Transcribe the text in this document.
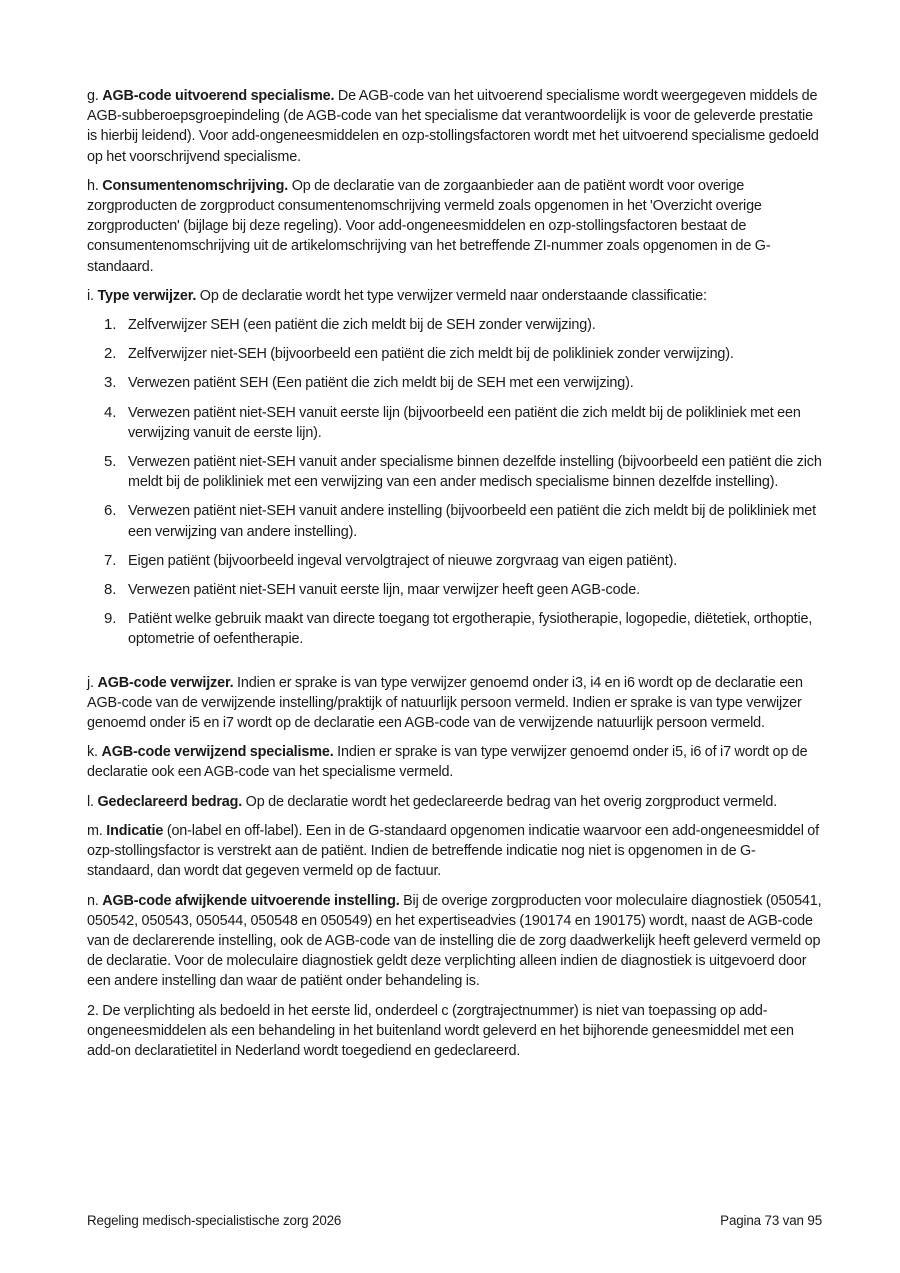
g. AGB-code uitvoerend specialisme. De AGB-code van het uitvoerend specialisme wordt weergegeven middels de AGB-subberoepsgroepindeling (de AGB-code van het specialisme dat verantwoordelijk is voor de geleverde prestatie is hierbij leidend). Voor add-ongeneesmiddelen en ozp-stollingsfactoren wordt met het uitvoerend specialisme gedoeld op het voorschrijvend specialisme.

h. Consumentenomschrijving. Op de declaratie van de zorgaanbieder aan de patiënt wordt voor overige zorgproducten de zorgproduct consumentenomschrijving vermeld zoals opgenomen in het 'Overzicht overige zorgproducten' (bijlage bij deze regeling). Voor add-ongeneesmiddelen en ozp-stollingsfactoren bestaat de consumentenomschrijving uit de artikelomschrijving van het betreffende ZI-nummer zoals opgenomen in de G-standaard.

i. Type verwijzer. Op de declaratie wordt het type verwijzer vermeld naar onderstaande classificatie:

1. Zelfverwijzer SEH (een patiënt die zich meldt bij de SEH zonder verwijzing).
2. Zelfverwijzer niet-SEH (bijvoorbeeld een patiënt die zich meldt bij de polikliniek zonder verwijzing).
3. Verwezen patiënt SEH (Een patiënt die zich meldt bij de SEH met een verwijzing).
4. Verwezen patiënt niet-SEH vanuit eerste lijn (bijvoorbeeld een patiënt die zich meldt bij de polikliniek met een verwijzing vanuit de eerste lijn).
5. Verwezen patiënt niet-SEH vanuit ander specialisme binnen dezelfde instelling (bijvoorbeeld een patiënt die zich meldt bij de polikliniek met een verwijzing van een ander medisch specialisme binnen dezelfde instelling).
6. Verwezen patiënt niet-SEH vanuit andere instelling (bijvoorbeeld een patiënt die zich meldt bij de polikliniek met een verwijzing van andere instelling).
7. Eigen patiënt (bijvoorbeeld ingeval vervolgtraject of nieuwe zorgvraag van eigen patiënt).
8. Verwezen patiënt niet-SEH vanuit eerste lijn, maar verwijzer heeft geen AGB-code.
9. Patiënt welke gebruik maakt van directe toegang tot ergotherapie, fysiotherapie, logopedie, diëtetiek, orthoptie, optometrie of oefentherapie.

j. AGB-code verwijzer. Indien er sprake is van type verwijzer genoemd onder i3, i4 en i6 wordt op de declaratie een AGB-code van de verwijzende instelling/praktijk of natuurlijk persoon vermeld. Indien er sprake is van type verwijzer genoemd onder i5 en i7 wordt op de declaratie een AGB-code van de verwijzende natuurlijk persoon vermeld.

k. AGB-code verwijzend specialisme. Indien er sprake is van type verwijzer genoemd onder i5, i6 of i7 wordt op de declaratie ook een AGB-code van het specialisme vermeld.

l. Gedeclareerd bedrag. Op de declaratie wordt het gedeclareerde bedrag van het overig zorgproduct vermeld.

m. Indicatie (on-label en off-label). Een in de G-standaard opgenomen indicatie waarvoor een add-ongeneesmiddel of ozp-stollingsfactor is verstrekt aan de patiënt. Indien de betreffende indicatie nog niet is opgenomen in de G-standaard, dan wordt dat gegeven vermeld op de factuur.

n. AGB-code afwijkende uitvoerende instelling. Bij de overige zorgproducten voor moleculaire diagnostiek (050541, 050542, 050543, 050544, 050548 en 050549) en het expertiseadvies (190174 en 190175) wordt, naast de AGB-code van de declarerende instelling, ook de AGB-code van de instelling die de zorg daadwerkelijk heeft geleverd vermeld op de declaratie. Voor de moleculaire diagnostiek geldt deze verplichting alleen indien de diagnostiek is uitgevoerd door een andere instelling dan waar de patiënt onder behandeling is.

2. De verplichting als bedoeld in het eerste lid, onderdeel c (zorgtrajectnummer) is niet van toepassing op add-ongeneesmiddelen als een behandeling in het buitenland wordt geleverd en het bijhorende geneesmiddel met een add-on declaratietitel in Nederland wordt toegediend en gedeclareerd.

Regeling medisch-specialistische zorg 2026	Pagina 73 van 95
